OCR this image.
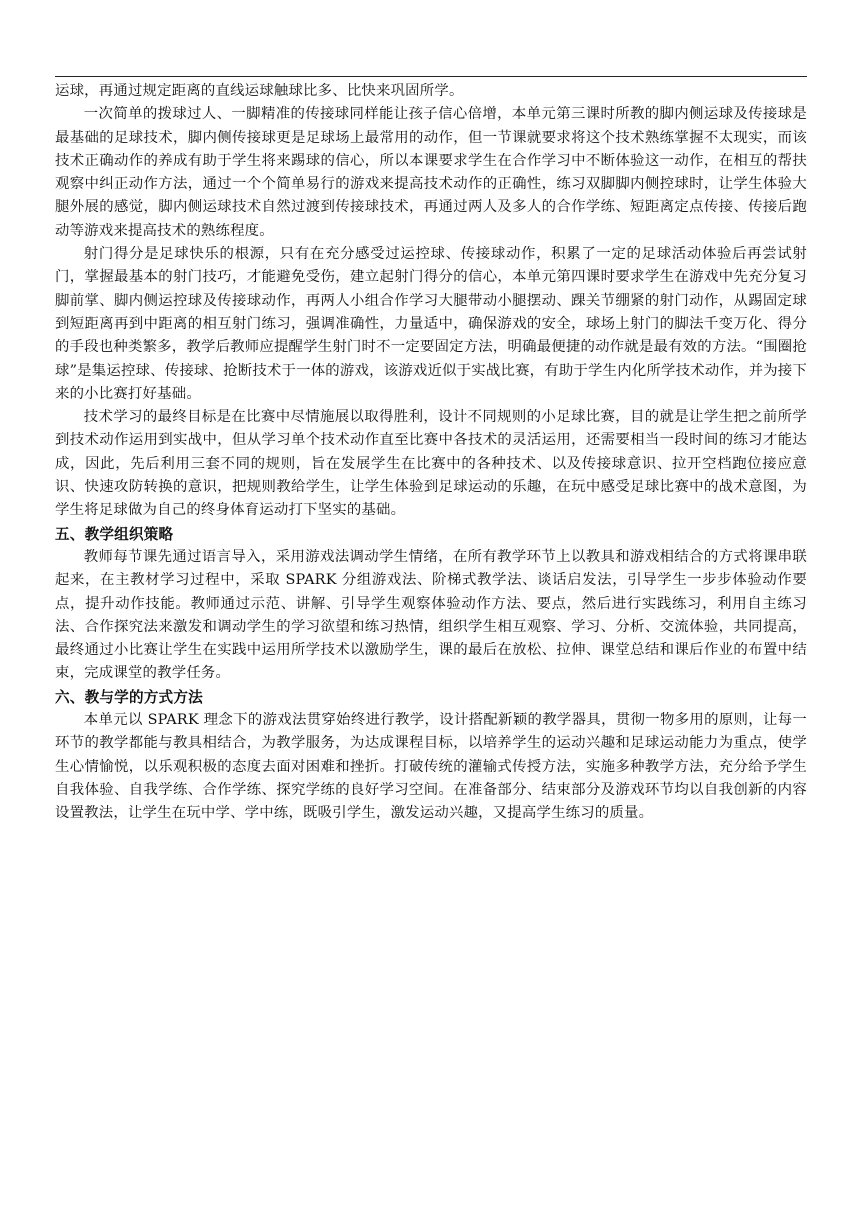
运球，再通过规定距离的直线运球触球比多、比快来巩固所学。

一次简单的拨球过人、一脚精准的传接球同样能让孩子信心倍增，本单元第三课时所教的脚内侧运球及传接球是最基础的足球技术，脚内侧传接球更是足球场上最常用的动作，但一节课就要求将这个技术熟练掌握不太现实，而该技术正确动作的养成有助于学生将来踢球的信心，所以本课要求学生在合作学习中不断体验这一动作，在相互的帮扶观察中纠正动作方法，通过一个个简单易行的游戏来提高技术动作的正确性，练习双脚脚内侧控球时，让学生体验大腿外展的感觉，脚内侧运球技术自然过渡到传接球技术，再通过两人及多人的合作学练、短距离定点传接、传接后跑动等游戏来提高技术的熟练程度。

射门得分是足球快乐的根源，只有在充分感受过运控球、传接球动作，积累了一定的足球活动体验后再尝试射门，掌握最基本的射门技巧，才能避免受伤，建立起射门得分的信心，本单元第四课时要求学生在游戏中先充分复习脚前掌、脚内侧运控球及传接球动作，再两人小组合作学习大腿带动小腿摆动、踝关节绷紧的射门动作，从踢固定球到短距离再到中距离的相互射门练习，强调准确性，力量适中，确保游戏的安全，球场上射门的脚法千变万化、得分的手段也种类繁多，教学后教师应提醒学生射门时不一定要固定方法，明确最便捷的动作就是最有效的方法。“围圈抢球”是集运控球、传接球、抢断技术于一体的游戏，该游戏近似于实战比赛，有助于学生内化所学技术动作，并为接下来的小比赛打好基础。

技术学习的最终目标是在比赛中尽情施展以取得胜利，设计不同规则的小足球比赛，目的就是让学生把之前所学到技术动作运用到实战中，但从学习单个技术动作直至比赛中各技术的灵活运用，还需要相当一段时间的练习才能达成，因此，先后利用三套不同的规则，旨在发展学生在比赛中的各种技术、以及传接球意识、拉开空档跑位接应意识、快速攻防转换的意识，把规则教给学生，让学生体验到足球运动的乐趣，在玩中感受足球比赛中的战术意图，为学生将足球做为自己的终身体育运动打下坚实的基础。

五、教学组织策略

教师每节课先通过语言导入，采用游戏法调动学生情绪，在所有教学环节上以教具和游戏相结合的方式将课串联起来，在主教材学习过程中，采取 SPARK 分组游戏法、阶梯式教学法、谈话启发法，引导学生一步步体验动作要点，提升动作技能。教师通过示范、讲解、引导学生观察体验动作方法、要点，然后进行实践练习，利用自主练习法、合作探究法来激发和调动学生的学习欲望和练习热情，组织学生相互观察、学习、分析、交流体验，共同提高，最终通过小比赛让学生在实践中运用所学技术以激励学生，课的最后在放松、拉伸、课堂总结和课后作业的布置中结束，完成课堂的教学任务。

六、教与学的方式方法

本单元以 SPARK 理念下的游戏法贯穿始终进行教学，设计搭配新颖的教学器具，贯彻一物多用的原则，让每一环节的教学都能与教具相结合，为教学服务，为达成课程目标，以培养学生的运动兴趣和足球运动能力为重点，使学生心情愉悦，以乐观积极的态度去面对困难和挫折。打破传统的灌输式传授方法，实施多种教学方法，充分给予学生自我体验、自我学练、合作学练、探究学练的良好学习空间。在准备部分、结束部分及游戏环节均以自我创新的内容设置教法，让学生在玩中学、学中练，既吸引学生，激发运动兴趣，又提高学生练习的质量。
